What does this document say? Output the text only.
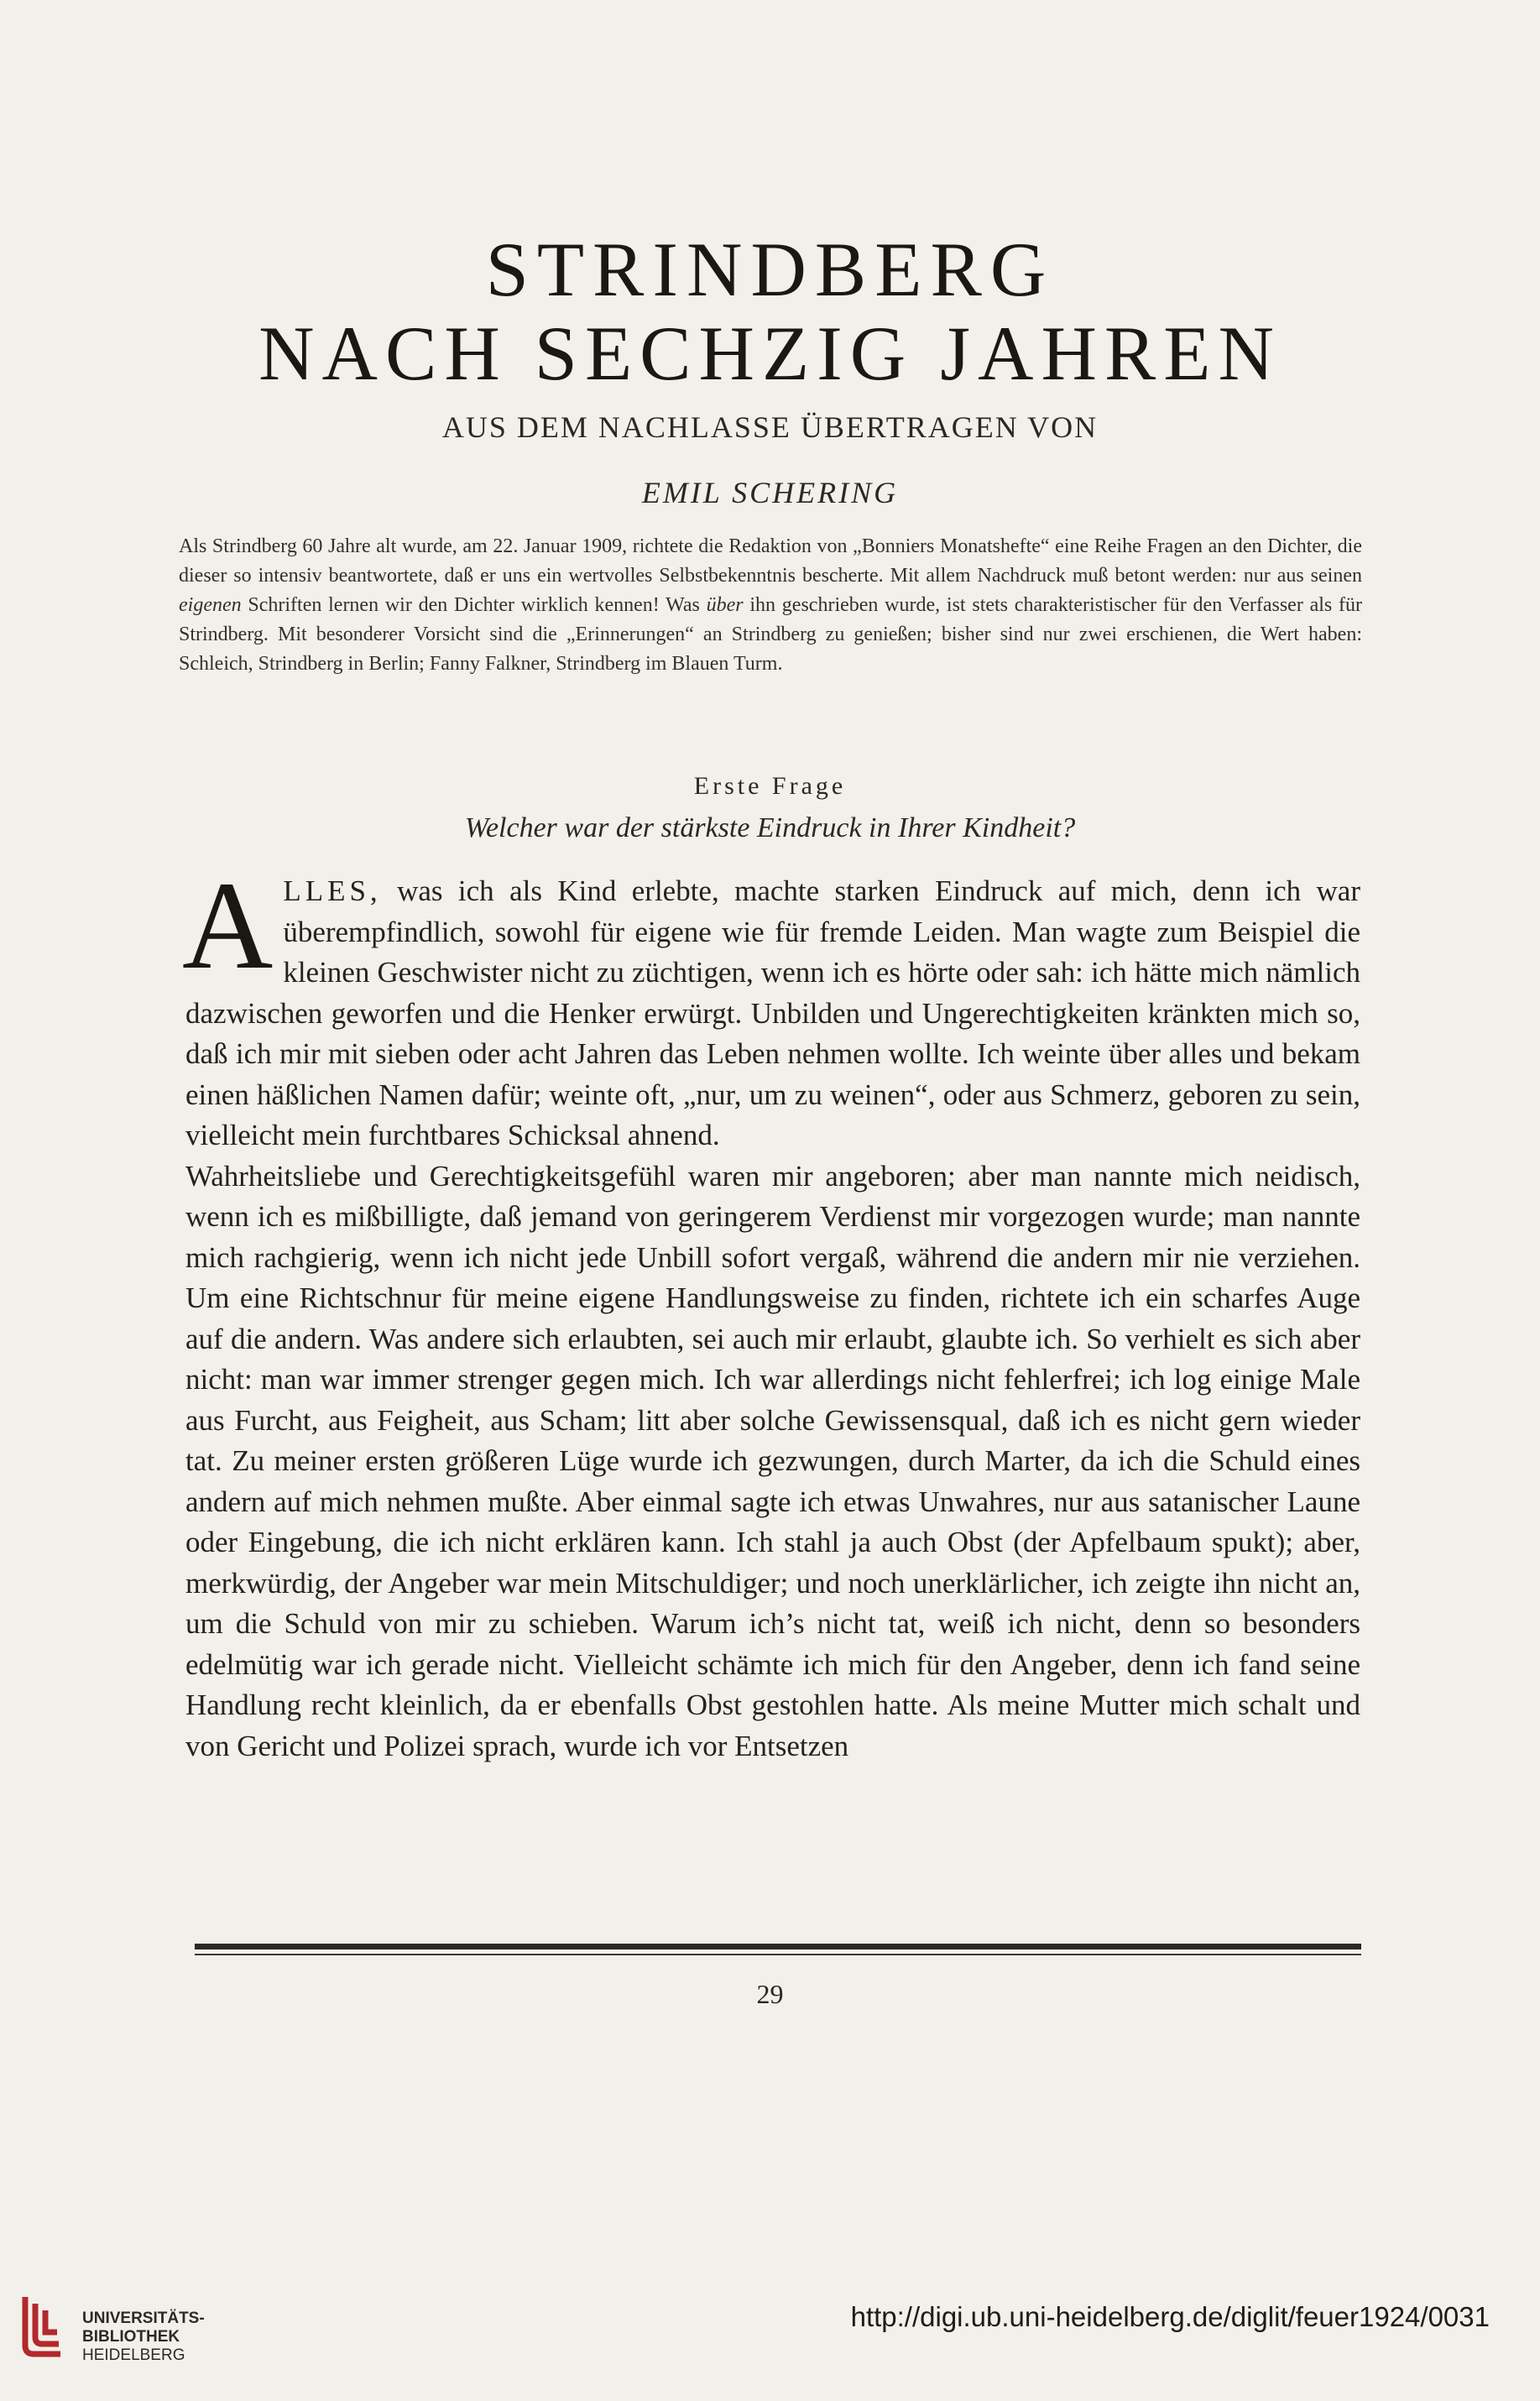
STRINDBERG
NACH SECHZIG JAHREN
AUS DEM NACHLASSE ÜBERTRAGEN VON
EMIL SCHERING

Als Strindberg 60 Jahre alt wurde, am 22. Januar 1909, richtete die Redaktion von „Bonniers Monatshefte“ eine Reihe Fragen an den Dichter, die dieser so intensiv beantwortete, daß er uns ein wertvolles Selbstbekenntnis bescherte. Mit allem Nachdruck muß betont werden: nur aus seinen eigenen Schriften lernen wir den Dichter wirklich kennen! Was über ihn geschrieben wurde, ist stets charakteristischer für den Verfasser als für Strindberg. Mit besonderer Vorsicht sind die „Erinnerungen“ an Strindberg zu genießen; bisher sind nur zwei erschienen, die Wert haben: Schleich, Strindberg in Berlin; Fanny Falkner, Strindberg im Blauen Turm.

Erste Frage
Welcher war der stärkste Eindruck in Ihrer Kindheit?

ALLES, was ich als Kind erlebte, machte starken Eindruck auf mich, denn ich war überempfindlich, sowohl für eigene wie für fremde Leiden. Man wagte zum Beispiel die kleinen Geschwister nicht zu züchtigen, wenn ich es hörte oder sah: ich hätte mich nämlich dazwischen geworfen und die Henker erwürgt. Unbilden und Ungerechtigkeiten kränkten mich so, daß ich mir mit sieben oder acht Jahren das Leben nehmen wollte. Ich weinte über alles und bekam einen häßlichen Namen dafür; weinte oft, „nur, um zu weinen“, oder aus Schmerz, geboren zu sein, vielleicht mein furchtbares Schicksal ahnend.

Wahrheitsliebe und Gerechtigkeitsgefühl waren mir angeboren; aber man nannte mich neidisch, wenn ich es mißbilligte, daß jemand von geringerem Verdienst mir vorgezogen wurde; man nannte mich rachgierig, wenn ich nicht jede Unbill sofort vergaß, während die andern mir nie verziehen. Um eine Richtschnur für meine eigene Handlungsweise zu finden, richtete ich ein scharfes Auge auf die andern. Was andere sich erlaubten, sei auch mir erlaubt, glaubte ich. So verhielt es sich aber nicht: man war immer strenger gegen mich. Ich war allerdings nicht fehlerfrei; ich log einige Male aus Furcht, aus Feigheit, aus Scham; litt aber solche Gewissensqual, daß ich es nicht gern wieder tat. Zu meiner ersten größeren Lüge wurde ich gezwungen, durch Marter, da ich die Schuld eines andern auf mich nehmen mußte. Aber einmal sagte ich etwas Unwahres, nur aus satanischer Laune oder Eingebung, die ich nicht erklären kann. Ich stahl ja auch Obst (der Apfelbaum spukt); aber, merkwürdig, der Angeber war mein Mitschuldiger; und noch unerklärlicher, ich zeigte ihn nicht an, um die Schuld von mir zu schieben. Warum ich’s nicht tat, weiß ich nicht, denn so besonders edelmütig war ich gerade nicht. Vielleicht schämte ich mich für den Angeber, denn ich fand seine Handlung recht kleinlich, da er ebenfalls Obst gestohlen hatte. Als meine Mutter mich schalt und von Gericht und Polizei sprach, wurde ich vor Entsetzen

29
UNIVERSITÄTS-
BIBLIOTHEK
HEIDELBERG
http://digi.ub.uni-heidelberg.de/diglit/feuer1924/0031
